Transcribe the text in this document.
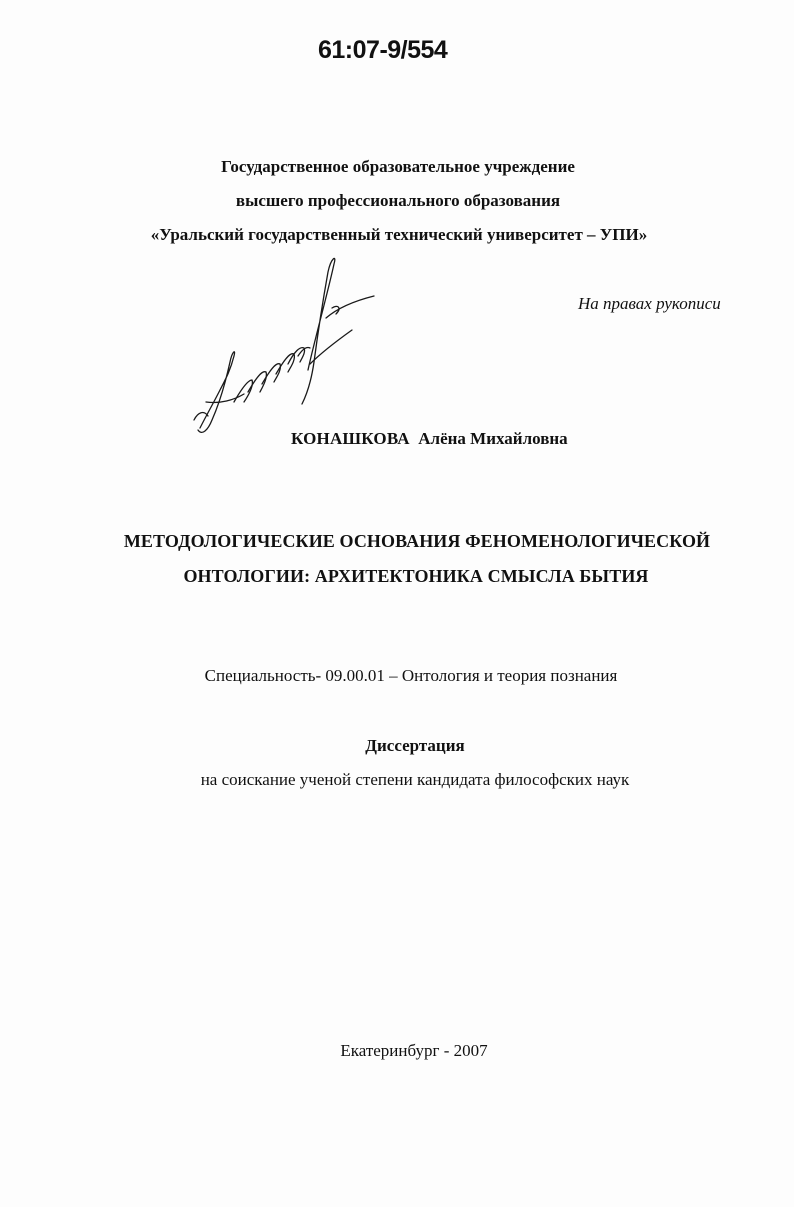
61:07-9/554
Государственное образовательное учреждение
высшего профессионального образования
«Уральский государственный технический университет – УПИ»
На правах рукописи
КОНАШКОВА Алёна Михайловна
МЕТОДОЛОГИЧЕСКИЕ ОСНОВАНИЯ ФЕНОМЕНОЛОГИЧЕСКОЙ
ОНТОЛОГИИ: АРХИТЕКТОНИКА СМЫСЛА БЫТИЯ
Специальность- 09.00.01 – Онтология и теория познания
Диссертация
на соискание ученой степени кандидата философских наук
Екатеринбург - 2007
